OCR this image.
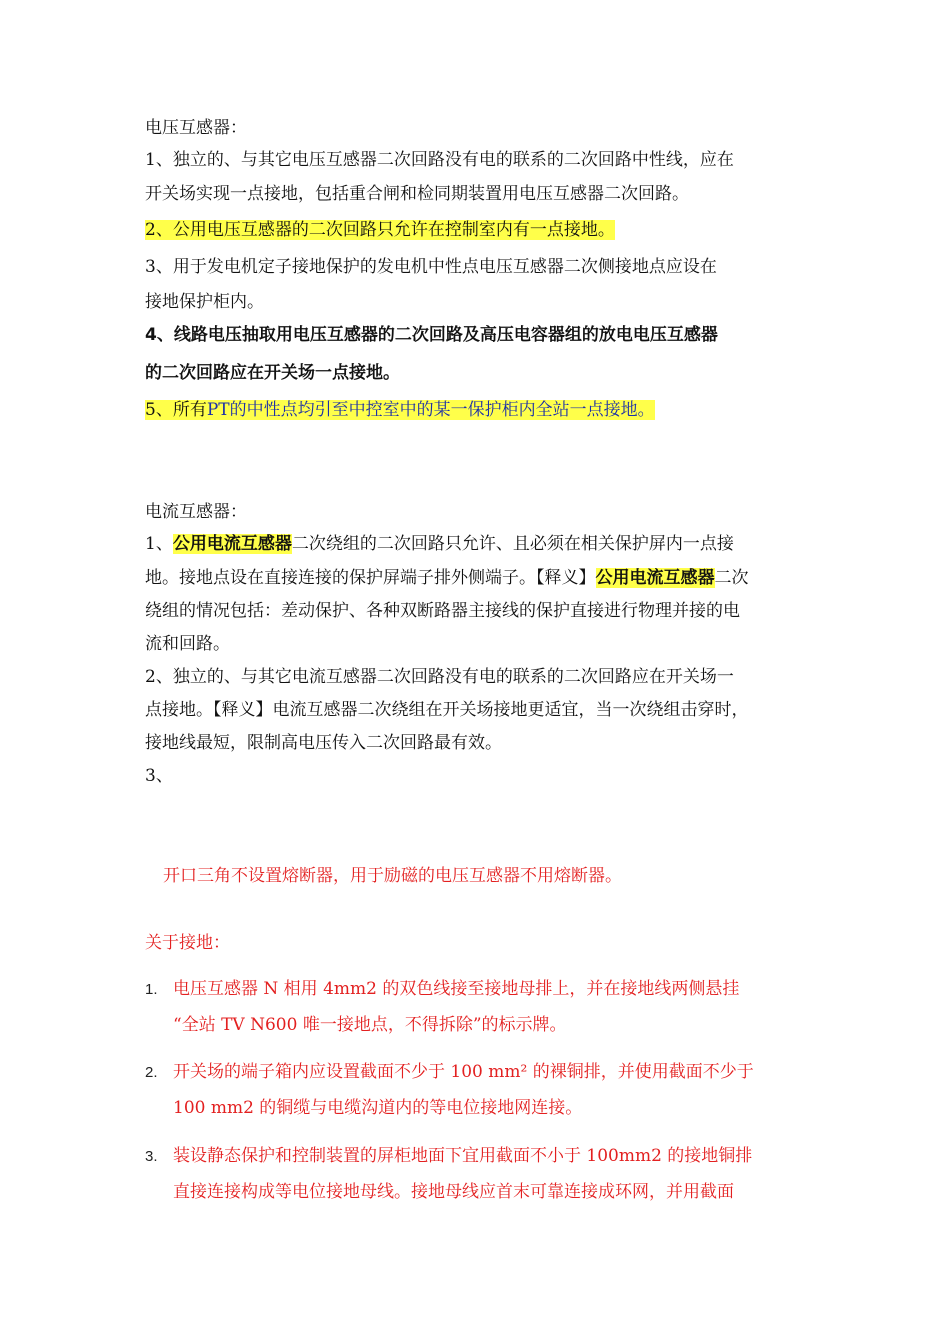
电压互感器：
1、独立的、与其它电压互感器二次回路没有电的联系的二次回路中性线，应在
开关场实现一点接地，包括重合闸和检同期装置用电压互感器二次回路。
2、公用电压互感器的二次回路只允许在控制室内有一点接地。
3、用于发电机定子接地保护的发电机中性点电压互感器二次侧接地点应设在
接地保护柜内。
4、线路电压抽取用电压互感器的二次回路及高压电容器组的放电电压互感器
的二次回路应在开关场一点接地。
5、所有PT的中性点均引至中控室中的某一保护柜内全站一点接地。
电流互感器：
1、公用电流互感器二次绕组的二次回路只允许、且必须在相关保护屏内一点接
地。接地点设在直接连接的保护屏端子排外侧端子。【释义】公用电流互感器二次
绕组的情况包括：差动保护、各种双断路器主接线的保护直接进行物理并接的电
流和回路。
2、独立的、与其它电流互感器二次回路没有电的联系的二次回路应在开关场一
点接地。【释义】电流互感器二次绕组在开关场接地更适宜，当一次绕组击穿时，
接地线最短，限制高电压传入二次回路最有效。
3、
开口三角不设置熔断器，用于励磁的电压互感器不用熔断器。
关于接地：
1. 电压互感器 N 相用 4mm2 的双色线接至接地母排上，并在接地线两侧悬挂
“全站 TV N600 唯一接地点，不得拆除”的标示牌。
2. 开关场的端子箱内应设置截面不少于 100 mm² 的裸铜排，并使用截面不少于
100 mm2 的铜缆与电缆沟道内的等电位接地网连接。
3. 装设静态保护和控制装置的屏柜地面下宜用截面不小于 100mm2 的接地铜排
直接连接构成等电位接地母线。接地母线应首末可靠连接成环网，并用截面
